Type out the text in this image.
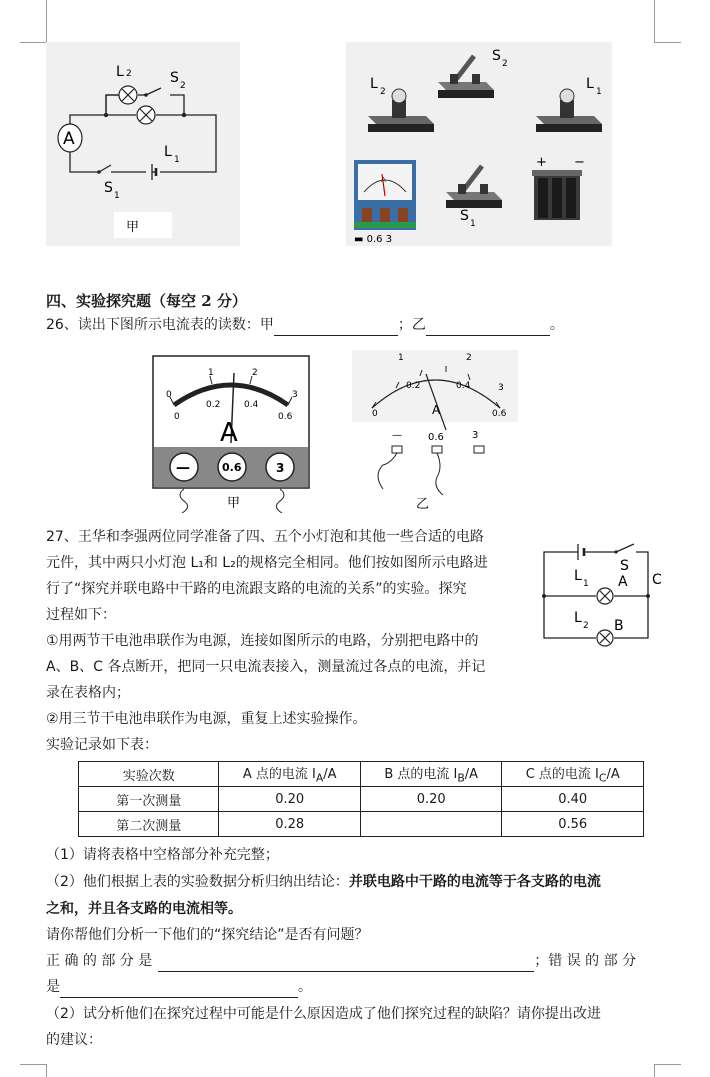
A
L 2	S 2
L 1
S 1
甲
A
+ −
S 2
L 2	L 1
S 1
▬ 0.6 3
四、实验探究题（每空 2 分）
26、读出下图所示电流表的读数：甲	；乙	。
0
1	2
3
0
0.2	0.4
0.6
A
—	0.6	3
甲
0
0.2	0.4
0.6
1	2
3
A
—	0.6	3
乙
27、王华和李强两位同学准备了四、五个小灯泡和其他一些合适的电路
元件，其中两只小灯泡 L₁和 L₂的规格完全相同。他们按如图所示电路进
行了“探究并联电路中干路的电流跟支路的电流的关系”的实验。探究
过程如下：
①用两节干电池串联作为电源，连接如图所示的电路，分别把电路中的
A、B、C 各点断开，把同一只电流表接入，测量流过各点的电流，并记
录在表格内；
②用三节干电池串联作为电源，重复上述实验操作。
实验记录如下表：
S
L 1 A C
L 2 B
实验次数	A 点的电流 $I_A/A$	B 点的电流 $I_B/A$	C 点的电流 $I_C/A$
第一次测量	0.20	0.20	0.40
第二次测量	0.28		0.56
（1）请将表格中空格部分补充完整；
（2）他们根据上表的实验数据分析归纳出结论：并联电路中干路的电流等于各支路的电流
之和，并且各支路的电流相等。
请你帮他们分析一下他们的“探究结论”是否有问题？
正 确 的 部 分 是	；错 误 的 部 分
是	。
（2）试分析他们在探究过程中可能是什么原因造成了他们探究过程的缺陷？请你提出改进
的建议：
